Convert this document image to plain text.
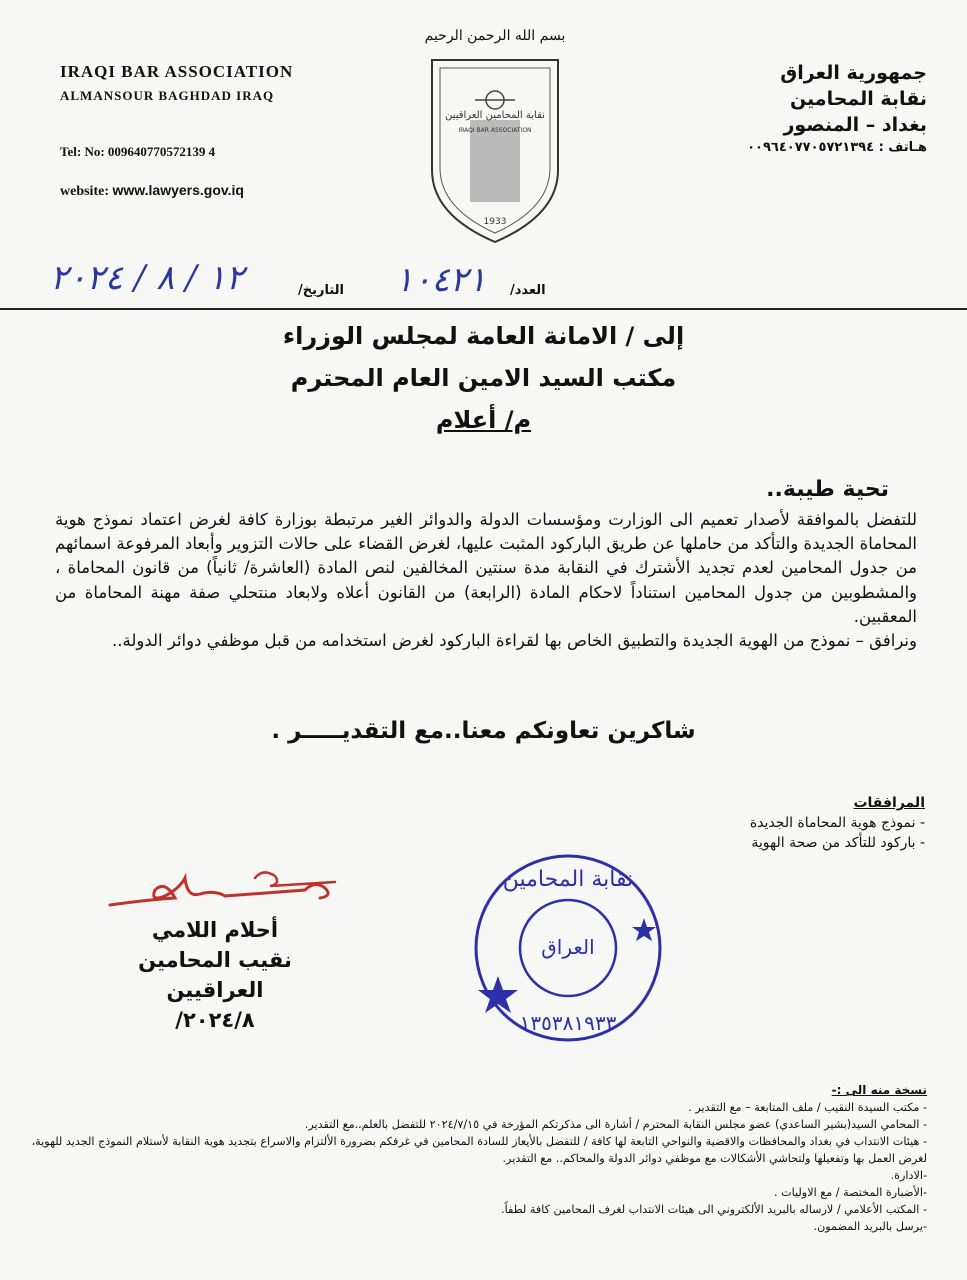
IRAQI BAR ASSOCIATION
ALMANSOUR BAGHDAD IRAQ
Tel: No: 009640770572139 4
website: www.lawyers.gov.iq
بسم الله الرحمن الرحيم
نقابة المحامين العراقيين
IRAQI BAR ASSOCIATION
1933
جمهورية العراق
نقابة المحامين
بغداد – المنصور
هـاتف : ٠٠٩٦٤٠٧٧٠٥٧٢١٣٩٤
العدد/
١٠٤٢١
التاريخ/
١٢ / ٨ / ٢٠٢٤
إلى / الامانة العامة لمجلس الوزراء
مكتب السيد الامين العام المحترم
م/ أعلام
تحية طيبة..

للتفضل بالموافقة لأصدار تعميم الى الوزارت ومؤسسات الدولة والدوائر الغير مرتبطة بوزارة كافة لغرض اعتماد نموذج هوية المحاماة الجديدة والتأكد من حاملها عن طريق الباركود المثبت عليها، لغرض القضاء على حالات التزوير وأبعاد المرفوعة اسمائهم من جدول المحامين لعدم تجديد الأشترك في النقابة مدة سنتين المخالفين لنص المادة (العاشرة/ ثانياً) من قانون المحاماة ، والمشطوبين من جدول المحامين استناداً لاحكام المادة (الرابعة) من القانون أعلاه ولابعاد منتحلي صفة مهنة المحاماة من المعقبين.

ونرافق – نموذج من الهوية الجديدة والتطبيق الخاص بها لقراءة الباركود لغرض استخدامه من قبل موظفي دوائر الدولة..

شاكرين تعاونكم معنا..مع التقديـــــر .
المرافقات
- نموذج هوية المحاماة الجديدة
- باركود للتأكد من صحة الهوية
أحلام اللامي
نقيب المحامين العراقيين
٢٠٢٤/٨/
نقابة المحامين
العراق
١٣٥٣٨١٩٣٣
نسخة منه الى :-
- مكتب السيدة النقيب / ملف المتابعة – مع التقدير .
- المحامي السيد(بشير الساعدي) عضو مجلس النقابة المحترم / أشارة الى مذكرتكم المؤرخة في ٢٠٢٤/٧/١٥ للتفضل بالعلم..مع التقدير.
- هيئات الانتداب في بغداد والمحافظات والاقضية والنواحي التابعة لها كافة / للتفضل بالأيعاز للسادة المحامين في غرفكم بضرورة الألتزام والاسراع بتجديد هوية النقابة لأستلام النموذج الجديد للهوية، لغرض العمل بها وتفعيلها ولتحاشي الأشكالات مع موظفي دوائر الدولة والمحاكم.. مع التقدير.
-الادارة.
-الأضبارة المختصة / مع الاوليات .
- المكتب الأعلامي / لارساله بالبريد الألكتروني الى هيئات الانتداب لغرف المحامين كافة لطفاً.
-يرسل بالبريد المضمون.
